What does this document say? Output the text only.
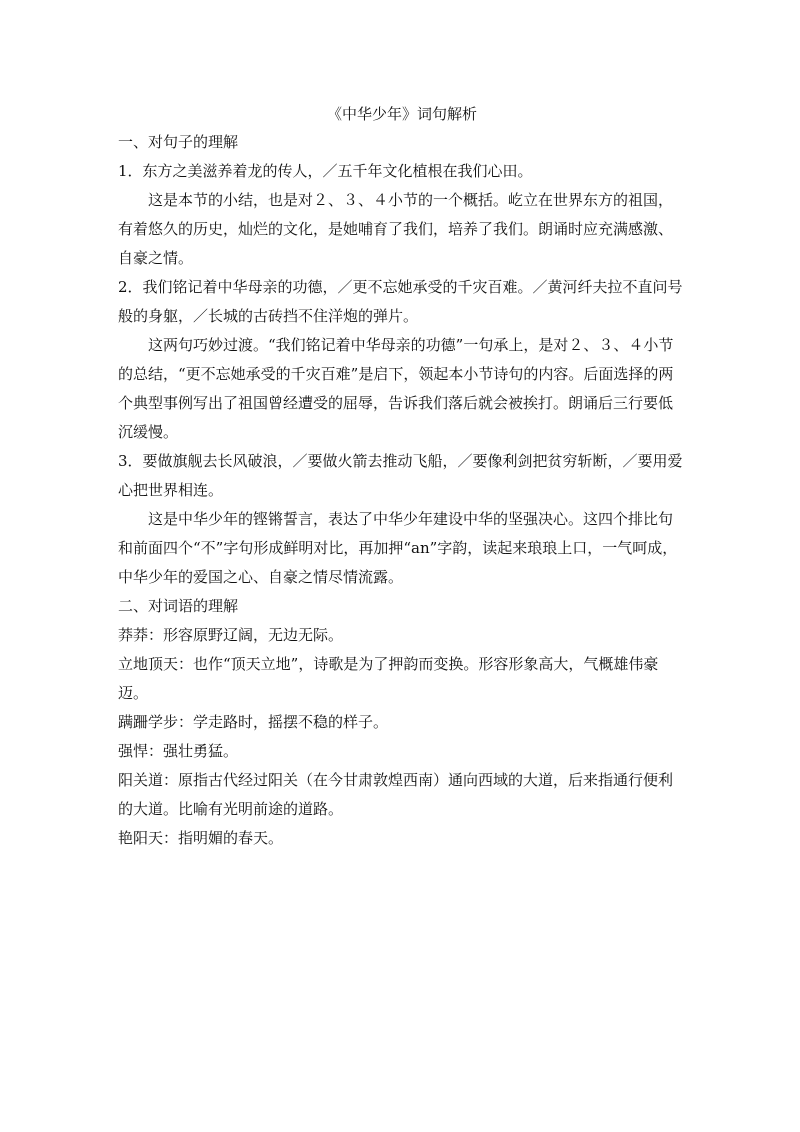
《中华少年》词句解析

一、对句子的理解

1．东方之美滋养着龙的传人，／五千年文化植根在我们心田。

这是本节的小结，也是对２、３、４小节的一个概括。屹立在世界东方的祖国，有着悠久的历史，灿烂的文化，是她哺育了我们，培养了我们。朗诵时应充满感激、自豪之情。

2．我们铭记着中华母亲的功德，／更不忘她承受的千灾百难。／黄河纤夫拉不直问号般的身躯，／长城的古砖挡不住洋炮的弹片。

这两句巧妙过渡。“我们铭记着中华母亲的功德”一句承上，是对２、３、４小节的总结，“更不忘她承受的千灾百难”是启下，领起本小节诗句的内容。后面选择的两个典型事例写出了祖国曾经遭受的屈辱，告诉我们落后就会被挨打。朗诵后三行要低沉缓慢。

3．要做旗舰去长风破浪，／要做火箭去推动飞船，／要像利剑把贫穷斩断，／要用爱心把世界相连。

这是中华少年的铿锵誓言，表达了中华少年建设中华的坚强决心。这四个排比句和前面四个“不”字句形成鲜明对比，再加押“an”字韵，读起来琅琅上口，一气呵成，中华少年的爱国之心、自豪之情尽情流露。

二、对词语的理解

莽莽：形容原野辽阔，无边无际。

立地顶天：也作“顶天立地”，诗歌是为了押韵而变换。形容形象高大，气概雄伟豪迈。

蹒跚学步：学走路时，摇摆不稳的样子。

强悍：强壮勇猛。

阳关道：原指古代经过阳关（在今甘肃敦煌西南）通向西域的大道，后来指通行便利的大道。比喻有光明前途的道路。

艳阳天：指明媚的春天。
